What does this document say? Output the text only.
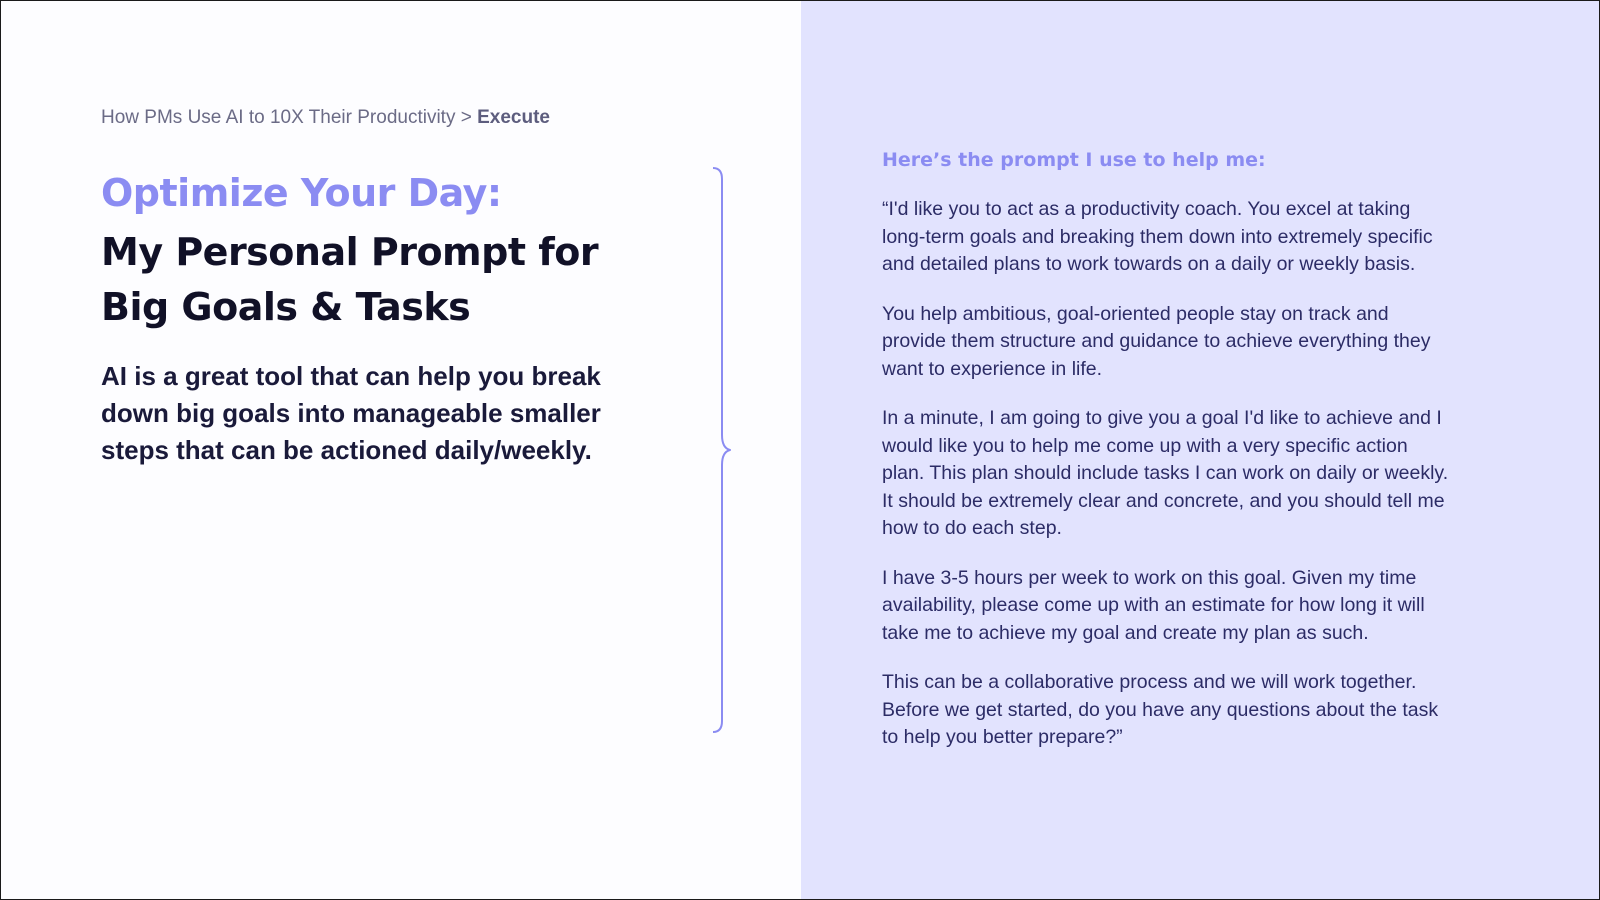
How PMs Use AI to 10X Their Productivity > Execute
Optimize Your Day:
My Personal Prompt for Big Goals & Tasks
AI is a great tool that can help you break down big goals into manageable smaller steps that can be actioned daily/weekly.
Here’s the prompt I use to help me:

“I'd like you to act as a productivity coach. You excel at taking long-term goals and breaking them down into extremely specific and detailed plans to work towards on a daily or weekly basis.

You help ambitious, goal-oriented people stay on track and provide them structure and guidance to achieve everything they want to experience in life.

In a minute, I am going to give you a goal I'd like to achieve and I would like you to help me come up with a very specific action plan. This plan should include tasks I can work on daily or weekly. It should be extremely clear and concrete, and you should tell me how to do each step.

I have 3-5 hours per week to work on this goal. Given my time availability, please come up with an estimate for how long it will take me to achieve my goal and create my plan as such.

This can be a collaborative process and we will work together. Before we get started, do you have any questions about the task to help you better prepare?”
